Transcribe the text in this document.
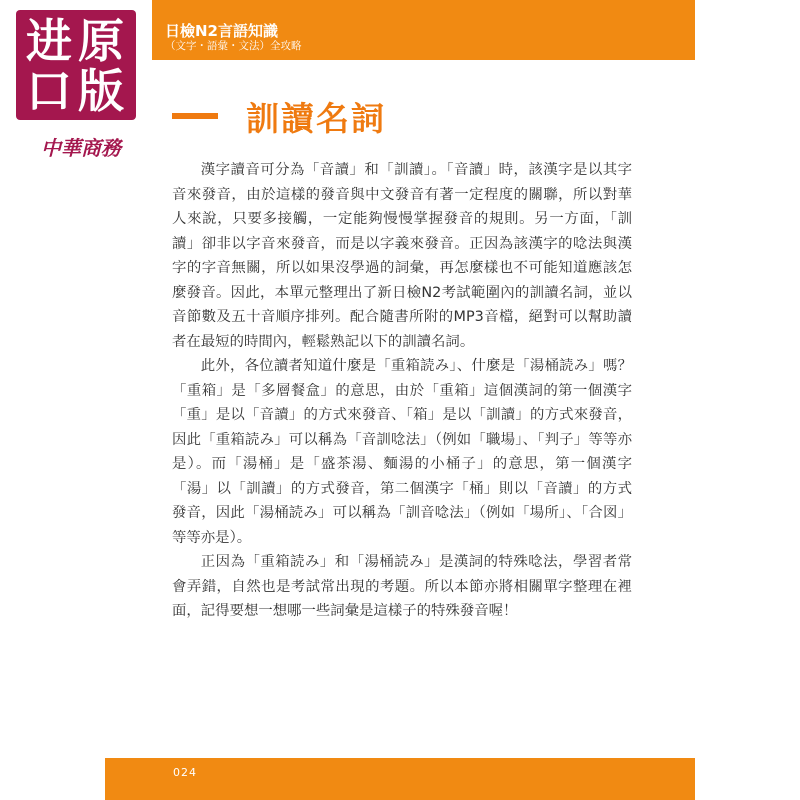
日檢N2言語知識
（文字・語彙・文法）全攻略
进 原
口 版
中華商務
訓讀名詞

漢字讀音可分為「音讀」和「訓讀」。「音讀」時，該漢字是以其字音來發音，由於這樣的發音與中文發音有著一定程度的關聯，所以對華人來說，只要多接觸，一定能夠慢慢掌握發音的規則。另一方面，「訓讀」卻非以字音來發音，而是以字義來發音。正因為該漢字的唸法與漢字的字音無關，所以如果沒學過的詞彙，再怎麼樣也不可能知道應該怎麼發音。因此，本單元整理出了新日檢N2考試範圍內的訓讀名詞，並以音節數及五十音順序排列。配合隨書所附的MP3音檔，絕對可以幫助讀者在最短的時間內，輕鬆熟記以下的訓讀名詞。

此外，各位讀者知道什麼是「重箱読み」、什麼是「湯桶読み」嗎？「重箱」是「多層餐盒」的意思，由於「重箱」這個漢詞的第一個漢字「重」是以「音讀」的方式來發音、「箱」是以「訓讀」的方式來發音，因此「重箱読み」可以稱為「音訓唸法」（例如「職場」、「判子」等等亦是）。而「湯桶」是「盛茶湯、麵湯的小桶子」的意思，第一個漢字「湯」以「訓讀」的方式發音，第二個漢字「桶」則以「音讀」的方式發音，因此「湯桶読み」可以稱為「訓音唸法」（例如「場所」、「合図」等等亦是）。

正因為「重箱読み」和「湯桶読み」是漢詞的特殊唸法，學習者常會弄錯，自然也是考試常出現的考題。所以本節亦將相關單字整理在裡面，記得要想一想哪一些詞彙是這樣子的特殊發音喔！

024
